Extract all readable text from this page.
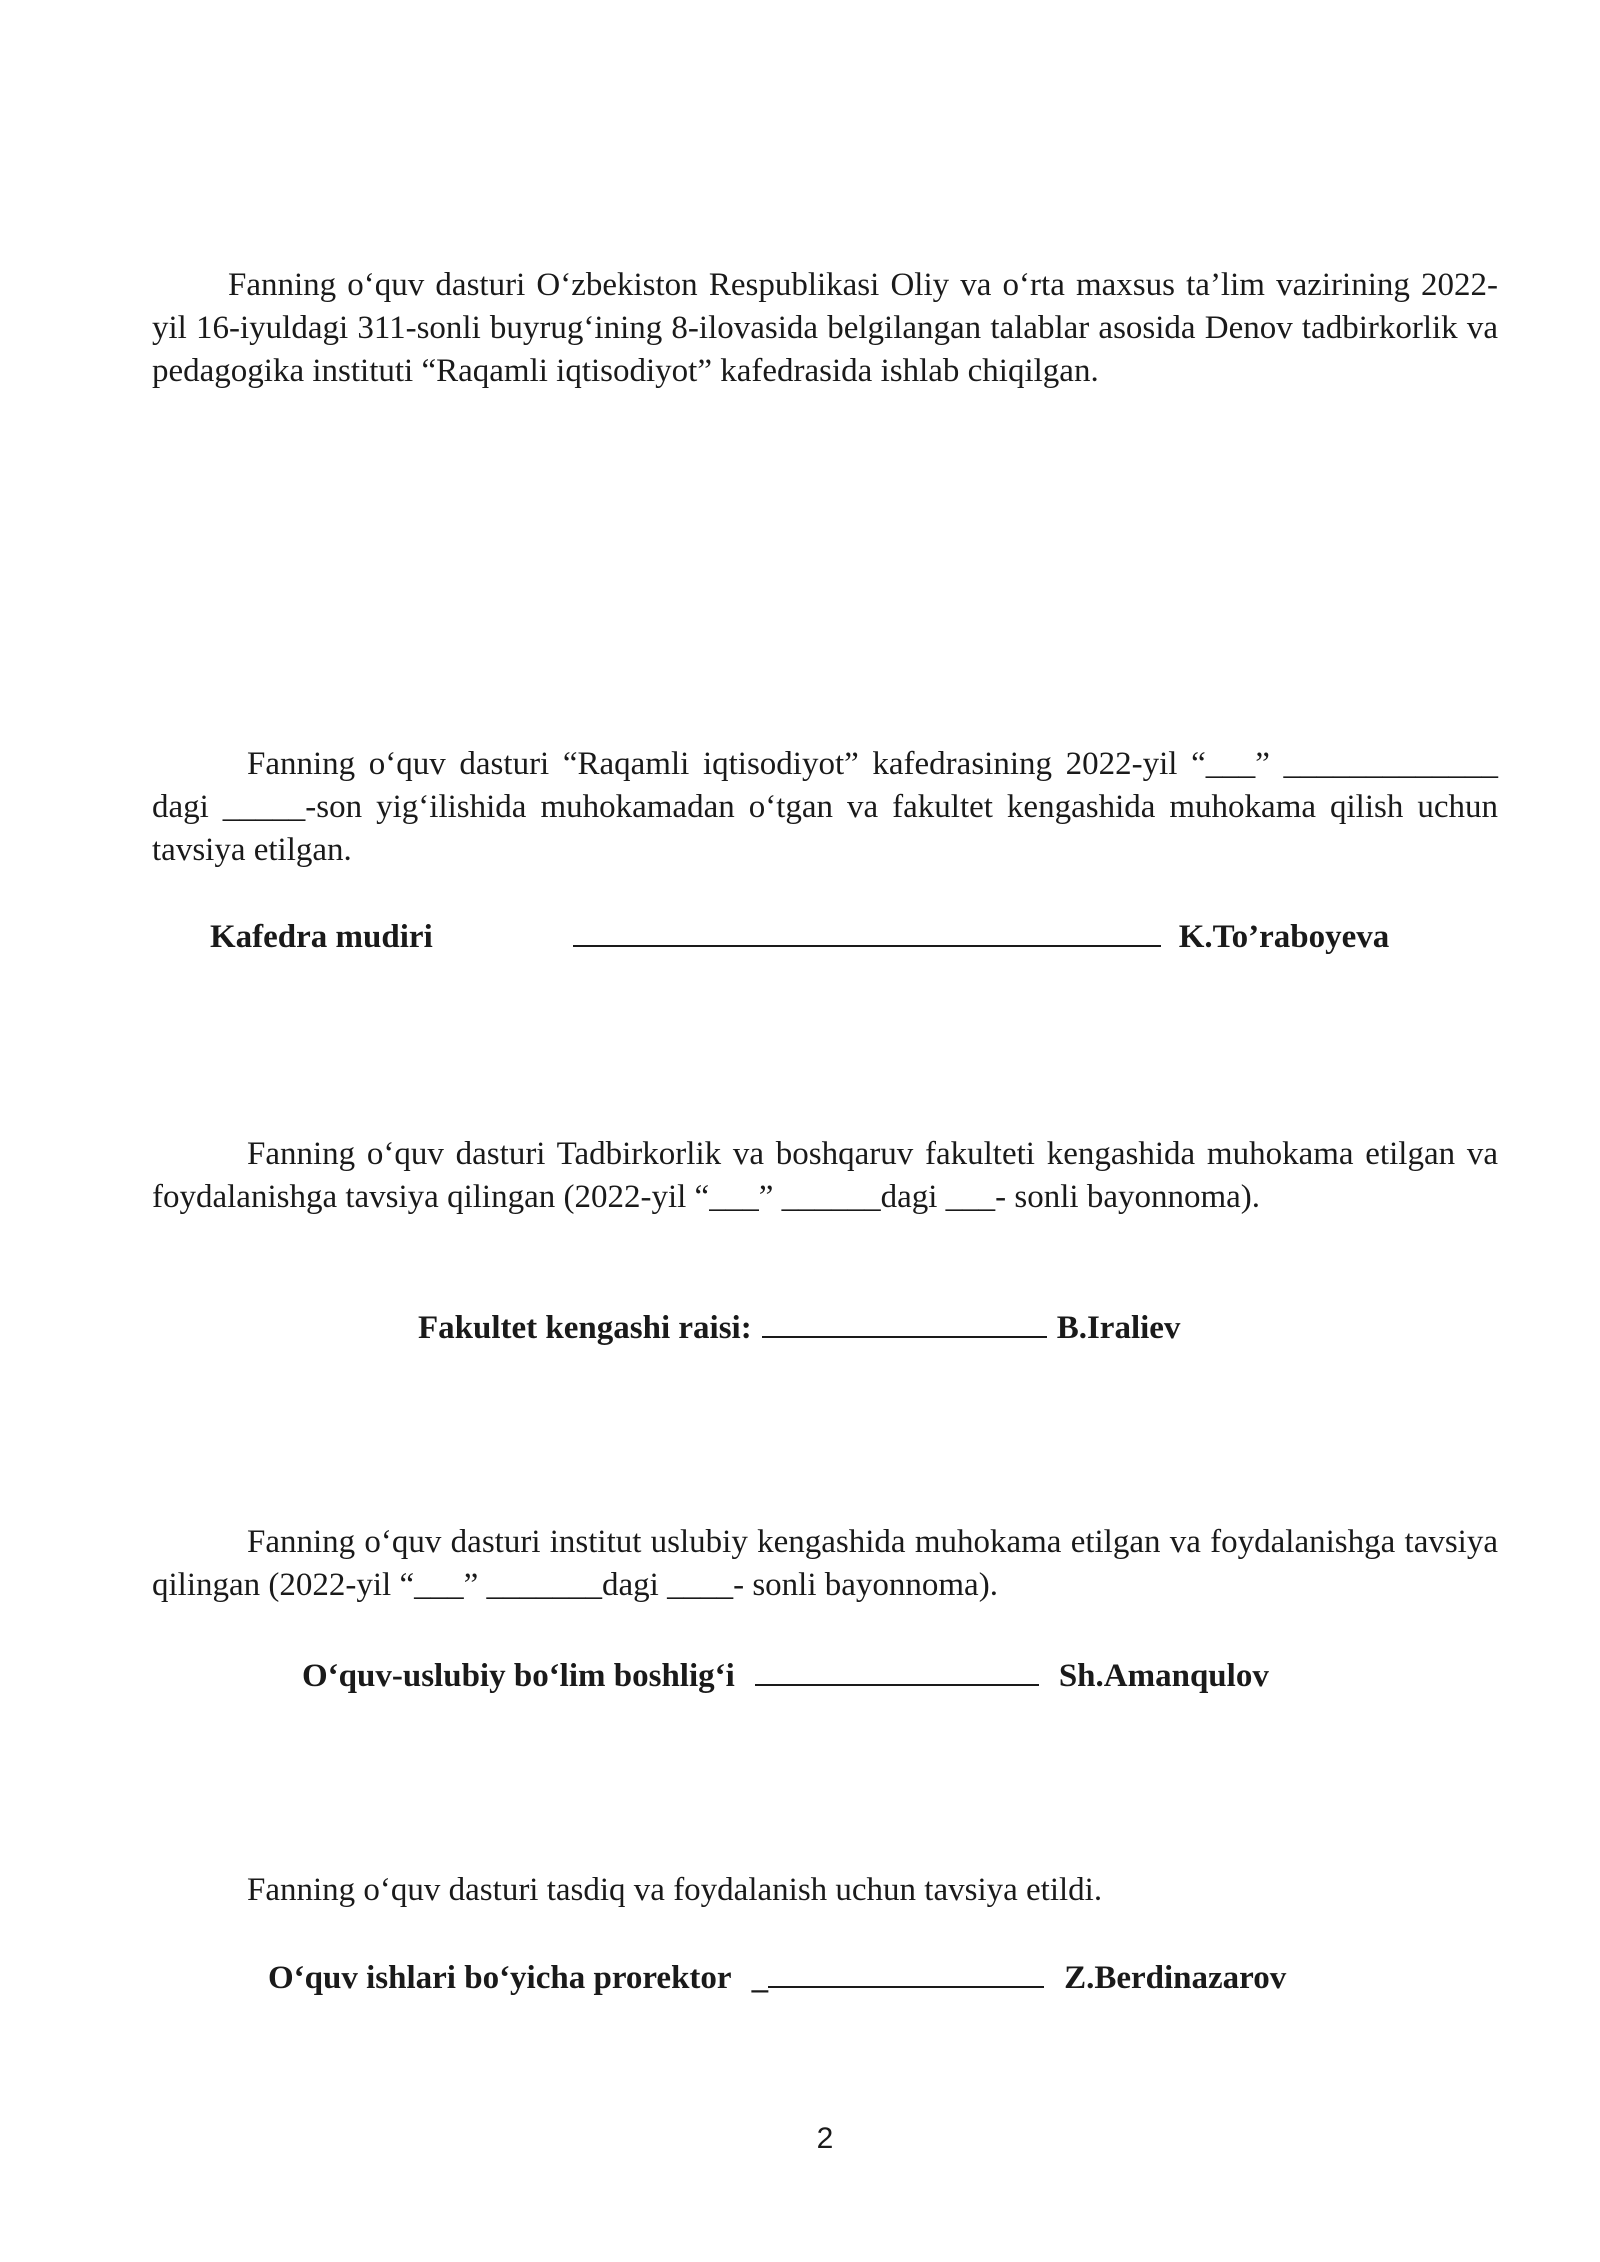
Fanning o‘quv dasturi O‘zbekiston Respublikasi Oliy va o‘rta maxsus ta’lim vazirining 2022-yil 16-iyuldagi 311-sonli buyrug‘ining 8-ilovasida belgilangan talablar asosida Denov tadbirkorlik va pedagogika instituti “Raqamli iqtisodiyot” kafedrasida ishlab chiqilgan.

Fanning o‘quv dasturi “Raqamli iqtisodiyot” kafedrasining 2022-yil “___” _____________ dagi _____-son yig‘ilishida muhokamadan o‘tgan va fakultet kengashida muhokama qilish uchun tavsiya etilgan.

Kafedra mudiri	K.To’raboyeva

Fanning o‘quv dasturi Tadbirkorlik va boshqaruv fakulteti kengashida muhokama etilgan va foydalanishga tavsiya qilingan (2022-yil “___” ______dagi ___- sonli bayonnoma).

Fakultet kengashi raisi:	B.Iraliev

Fanning o‘quv dasturi institut uslubiy kengashida muhokama etilgan va foydalanishga tavsiya qilingan (2022-yil “___” _______dagi ____- sonli bayonnoma).

O‘quv-uslubiy bo‘lim boshlig‘i	Sh.Amanqulov

Fanning o‘quv dasturi tasdiq va foydalanish uchun tavsiya etildi.

O‘quv ishlari bo‘yicha prorektor _	Z.Berdinazarov
2
